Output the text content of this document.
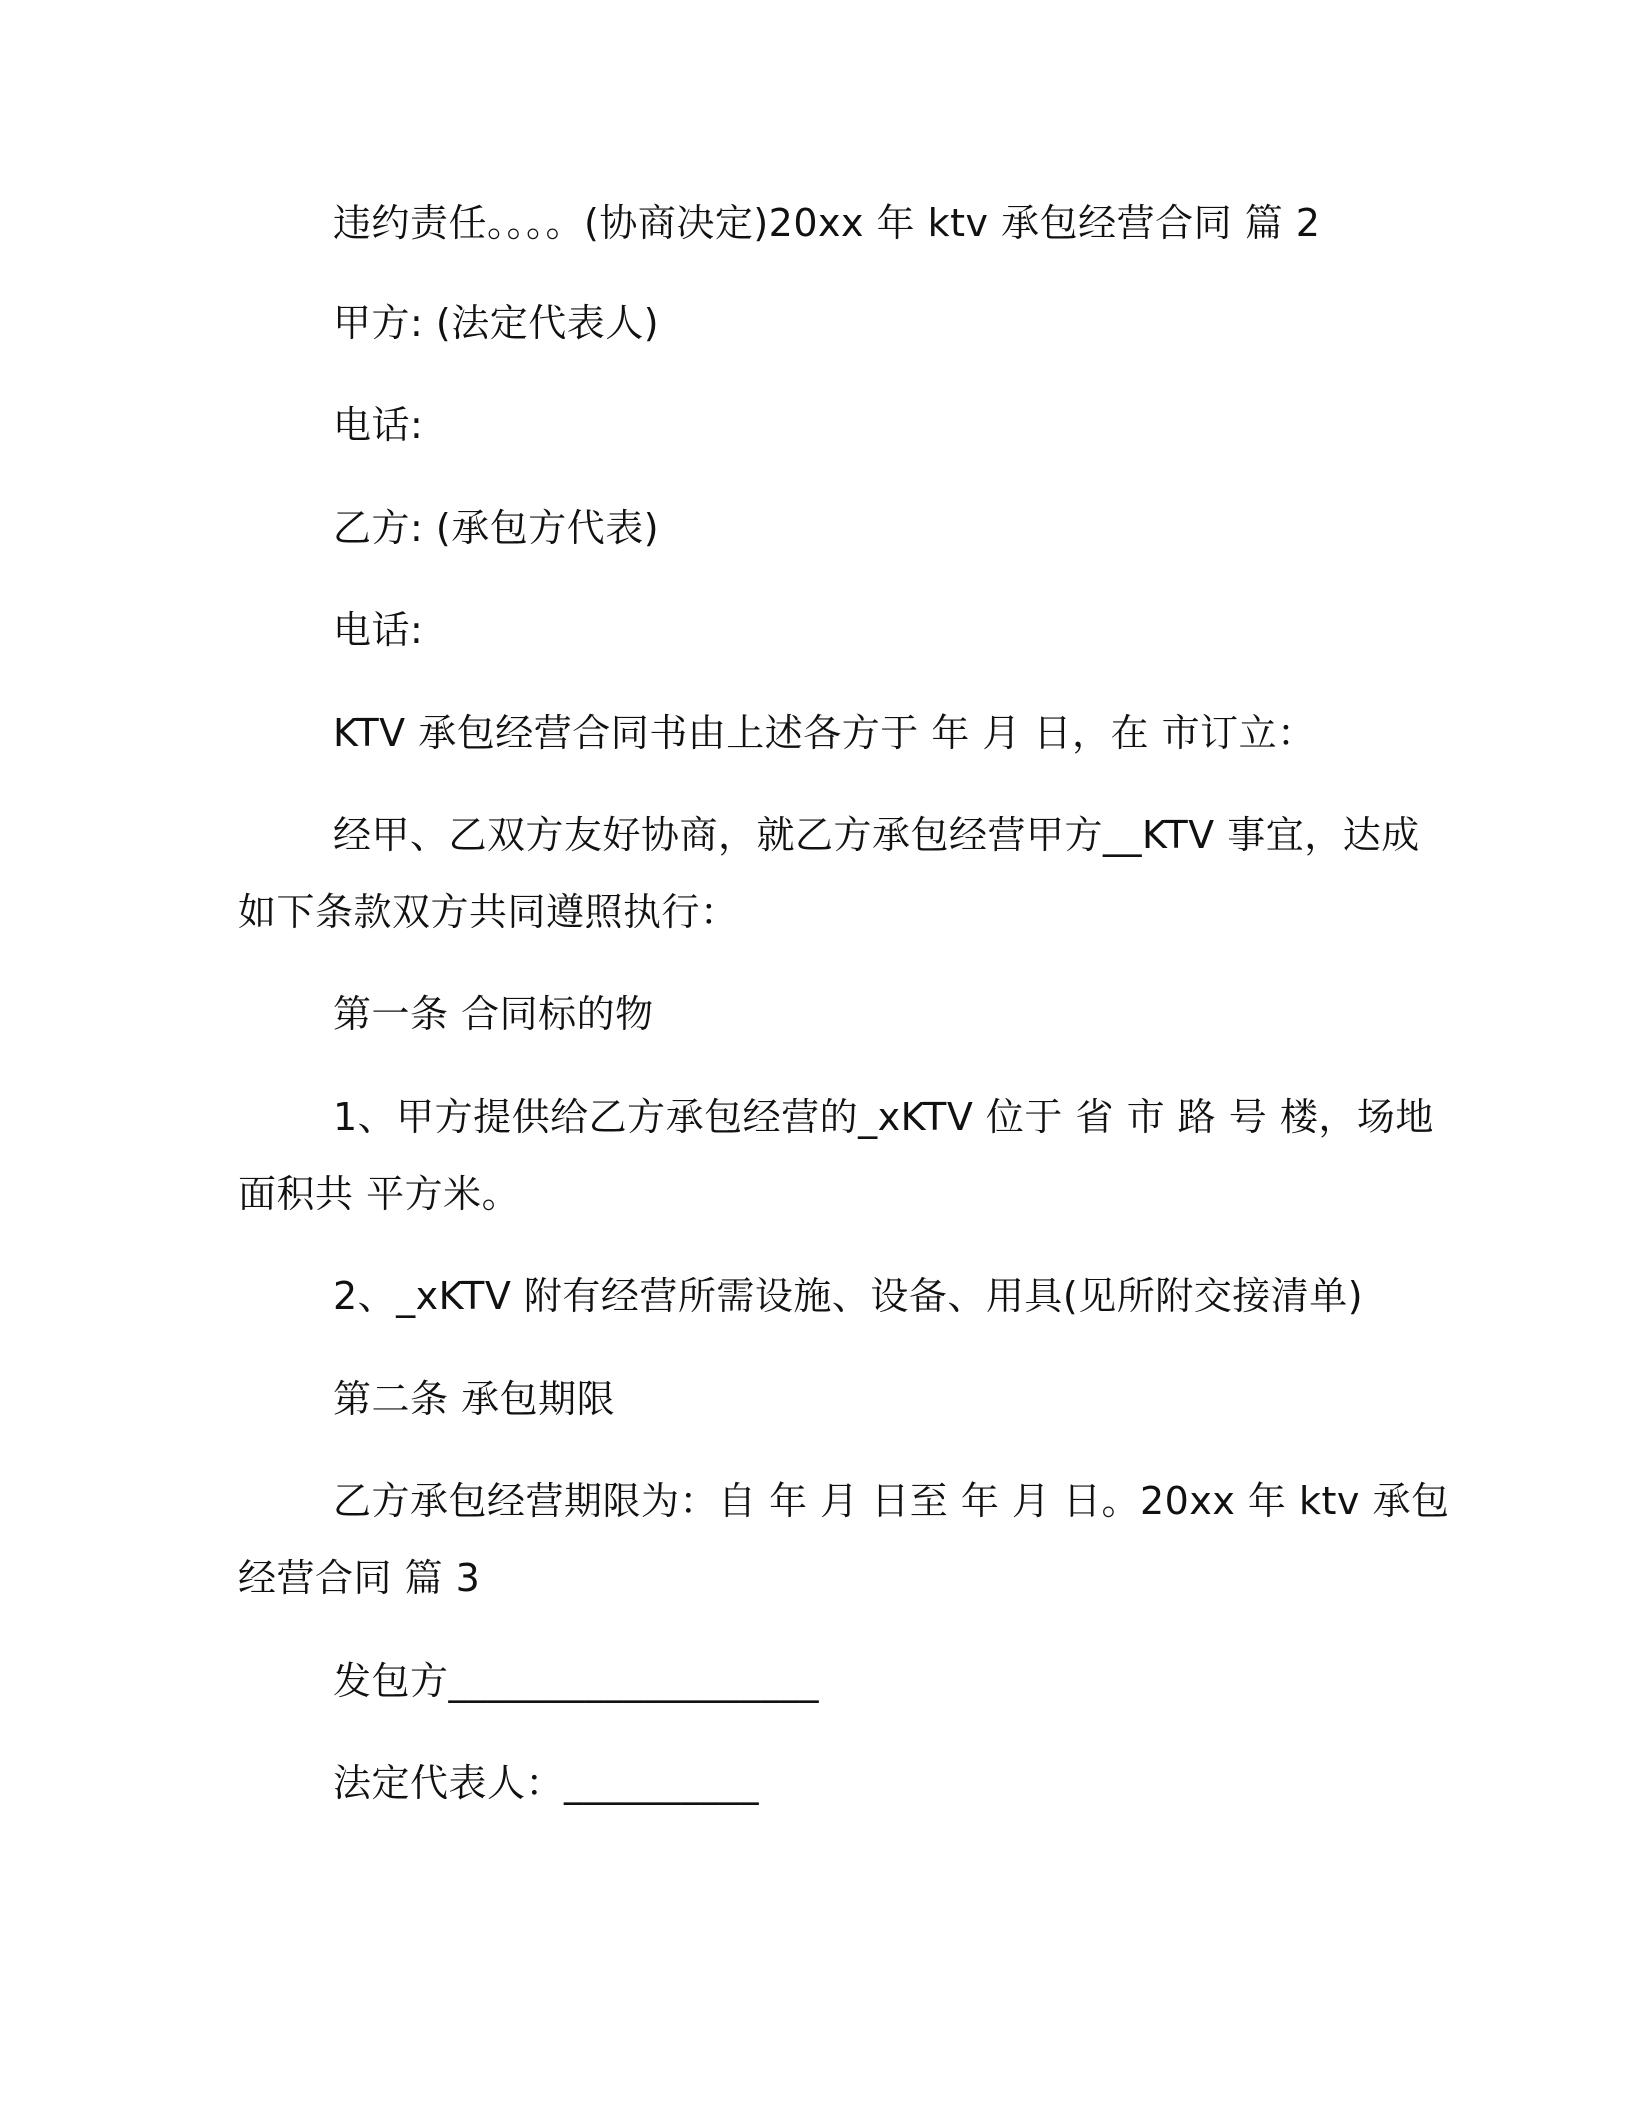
违约责任。。。。(协商决定)20xx 年 ktv 承包经营合同 篇 2
甲方: (法定代表人)
电话:
乙方: (承包方代表)
电话:
KTV 承包经营合同书由上述各方于 年 月 日，在 市订立：
经甲、乙双方友好协商，就乙方承包经营甲方__KTV 事宜，达成
如下条款双方共同遵照执行：
第一条 合同标的物
1、甲方提供给乙方承包经营的_xKTV 位于 省 市 路 号 楼，场地
面积共 平方米。
2、_xKTV 附有经营所需设施、设备、用具(见所附交接清单)
第二条 承包期限
乙方承包经营期限为：自 年 月 日至 年 月 日。20xx 年 ktv 承包
经营合同 篇 3
发包方___________________
法定代表人：__________
